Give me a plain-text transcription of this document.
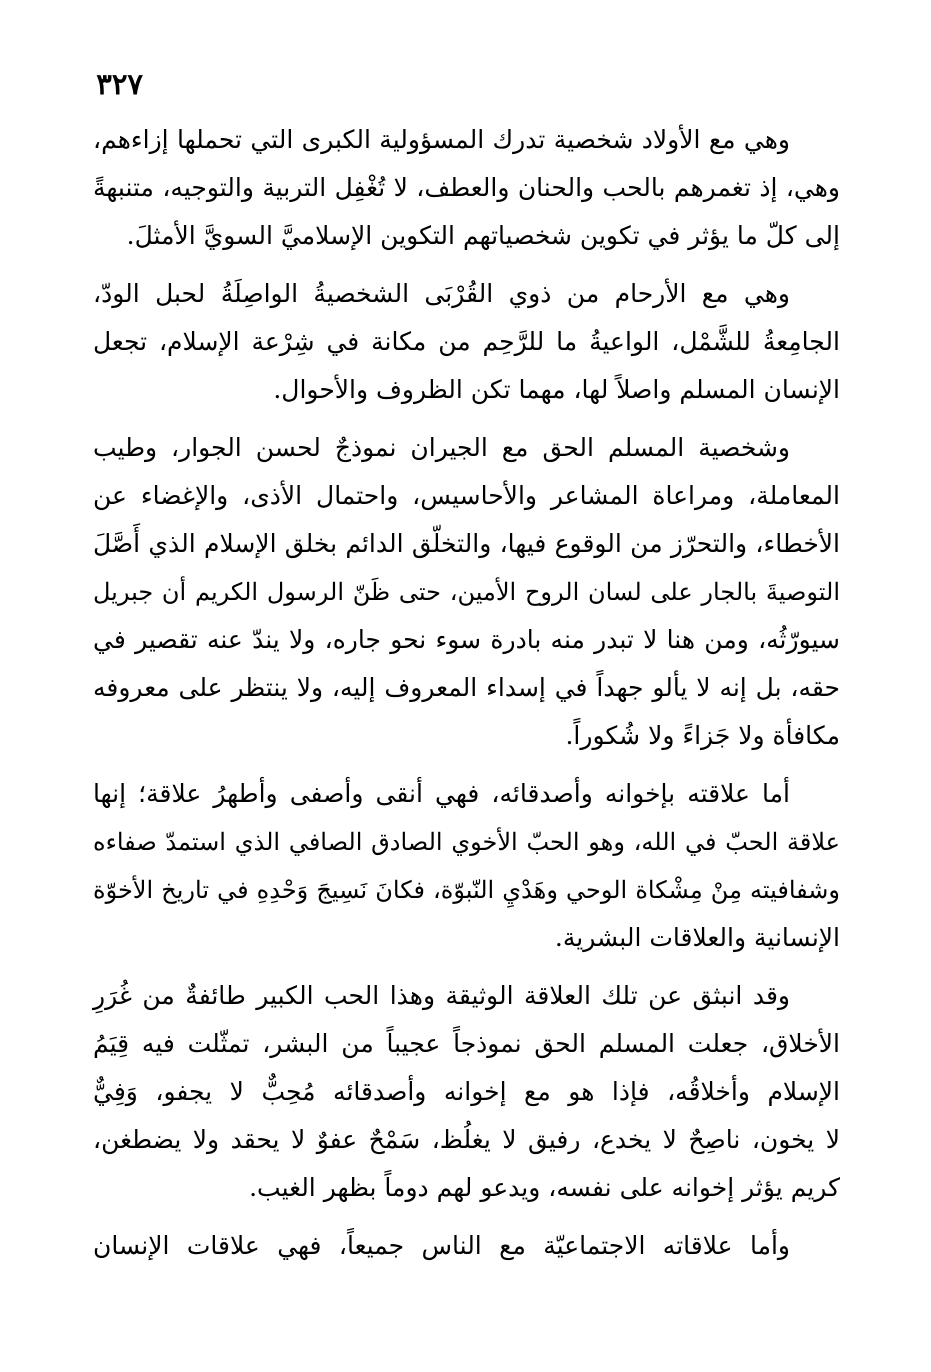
٣٢٧
وهي مع الأولاد شخصية تدرك المسؤولية الكبرى التي تحملها إزاءهم،
وهي، إذ تغمرهم بالحب والحنان والعطف، لا تُغْفِل التربية والتوجيه، متنبهةً
إلى كلّ ما يؤثر في تكوين شخصياتهم التكوين الإسلاميَّ السويَّ الأمثلَ.
وهي مع الأرحام من ذوي القُرْبَى الشخصيةُ الواصِلَةُ لحبل الودّ،
الجامِعةُ للشَّمْل، الواعيةُ ما للرَّحِم من مكانة في شِرْعة الإسلام، تجعل
الإنسان المسلم واصلاً لها، مهما تكن الظروف والأحوال.
وشخصية المسلم الحق مع الجيران نموذجٌ لحسن الجوار، وطيب
المعاملة، ومراعاة المشاعر والأحاسيس، واحتمال الأذى، والإغضاء عن
الأخطاء، والتحرّز من الوقوع فيها، والتخلّق الدائم بخلق الإسلام الذي أَصَّلَ
التوصيةَ بالجار على لسان الروح الأمين، حتى ظَنّ الرسول الكريم أن جبريل
سيورّثُه، ومن هنا لا تبدر منه بادرة سوء نحو جاره، ولا يندّ عنه تقصير في
حقه، بل إنه لا يألو جهداً في إسداء المعروف إليه، ولا ينتظر على معروفه
مكافأة ولا جَزاءً ولا شُكوراً.
أما علاقته بإخوانه وأصدقائه، فهي أنقى وأصفى وأطهرُ علاقة؛ إنها
علاقة الحبّ في الله، وهو الحبّ الأخوي الصادق الصافي الذي استمدّ صفاءه
وشفافيته مِنْ مِشْكاة الوحي وهَدْيِ النّبوّة، فكانَ نَسِيجَ وَحْدِهِ في تاريخ الأخوّة
الإنسانية والعلاقات البشرية.
وقد انبثق عن تلك العلاقة الوثيقة وهذا الحب الكبير طائفةٌ من غُرَرِ
الأخلاق، جعلت المسلم الحق نموذجاً عجيباً من البشر، تمثّلت فيه قِيَمُ
الإسلام وأخلاقُه، فإذا هو مع إخوانه وأصدقائه مُحِبٌّ لا يجفو، وَفِيٌّ
لا يخون، ناصِحٌ لا يخدع، رفيق لا يغلُظ، سَمْحٌ عفوٌ لا يحقد ولا يضطغن،
كريم يؤثر إخوانه على نفسه، ويدعو لهم دوماً بظهر الغيب.
وأما علاقاته الاجتماعيّة مع الناس جميعاً، فهي علاقات الإنسان
